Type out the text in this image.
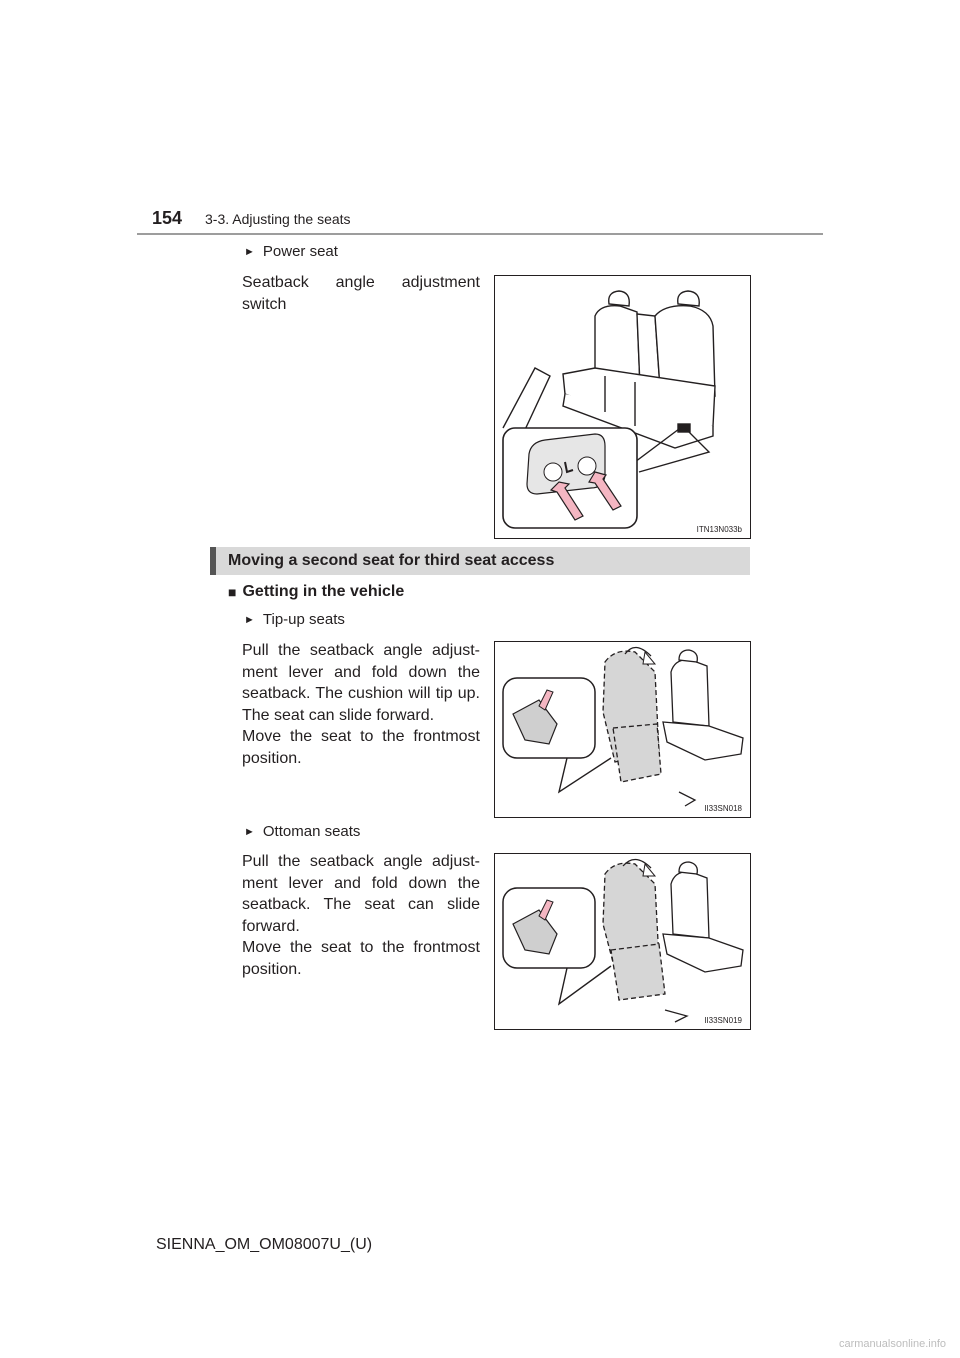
154 3-3. Adjusting the seats
► Power seat
Seatback angle adjustment switch
ITN13N033b
Moving a second seat for third seat access
■ Getting in the vehicle
► Tip-up seats
Pull the seatback angle adjust-ment lever and fold down the seatback. The cushion will tip up. The seat can slide forward.
Move the seat to the frontmost position.
II33SN018
► Ottoman seats
Pull the seatback angle adjust-ment lever and fold down the seatback. The seat can slide forward.
Move the seat to the frontmost position.
II33SN019
SIENNA_OM_OM08007U_(U)
carmanualsonline.info
